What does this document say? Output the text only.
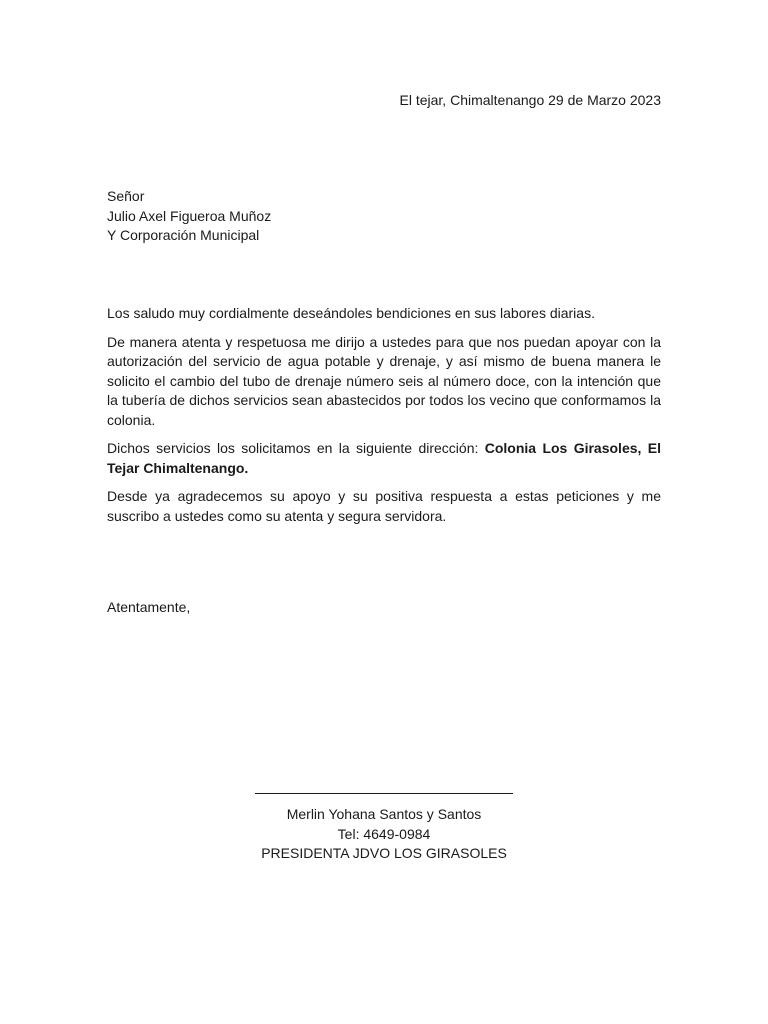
El tejar, Chimaltenango 29 de Marzo 2023
Señor
Julio Axel Figueroa Muñoz
Y Corporación Municipal

Los saludo muy cordialmente deseándoles bendiciones en sus labores diarias.

De manera atenta y respetuosa me dirijo a ustedes para que nos puedan apoyar con la autorización del servicio de agua potable y drenaje, y así mismo de buena manera le solicito el cambio del tubo de drenaje número seis al número doce, con la intención que la tubería de dichos servicios sean abastecidos por todos los vecino que conformamos la colonia.

Dichos servicios los solicitamos en la siguiente dirección: Colonia Los Girasoles, El Tejar Chimaltenango.

Desde ya agradecemos su apoyo y su positiva respuesta a estas peticiones y me suscribo a ustedes como su atenta y segura servidora.

Atentamente,
Merlin Yohana Santos y Santos
Tel: 4649-0984
PRESIDENTA JDVO LOS GIRASOLES
